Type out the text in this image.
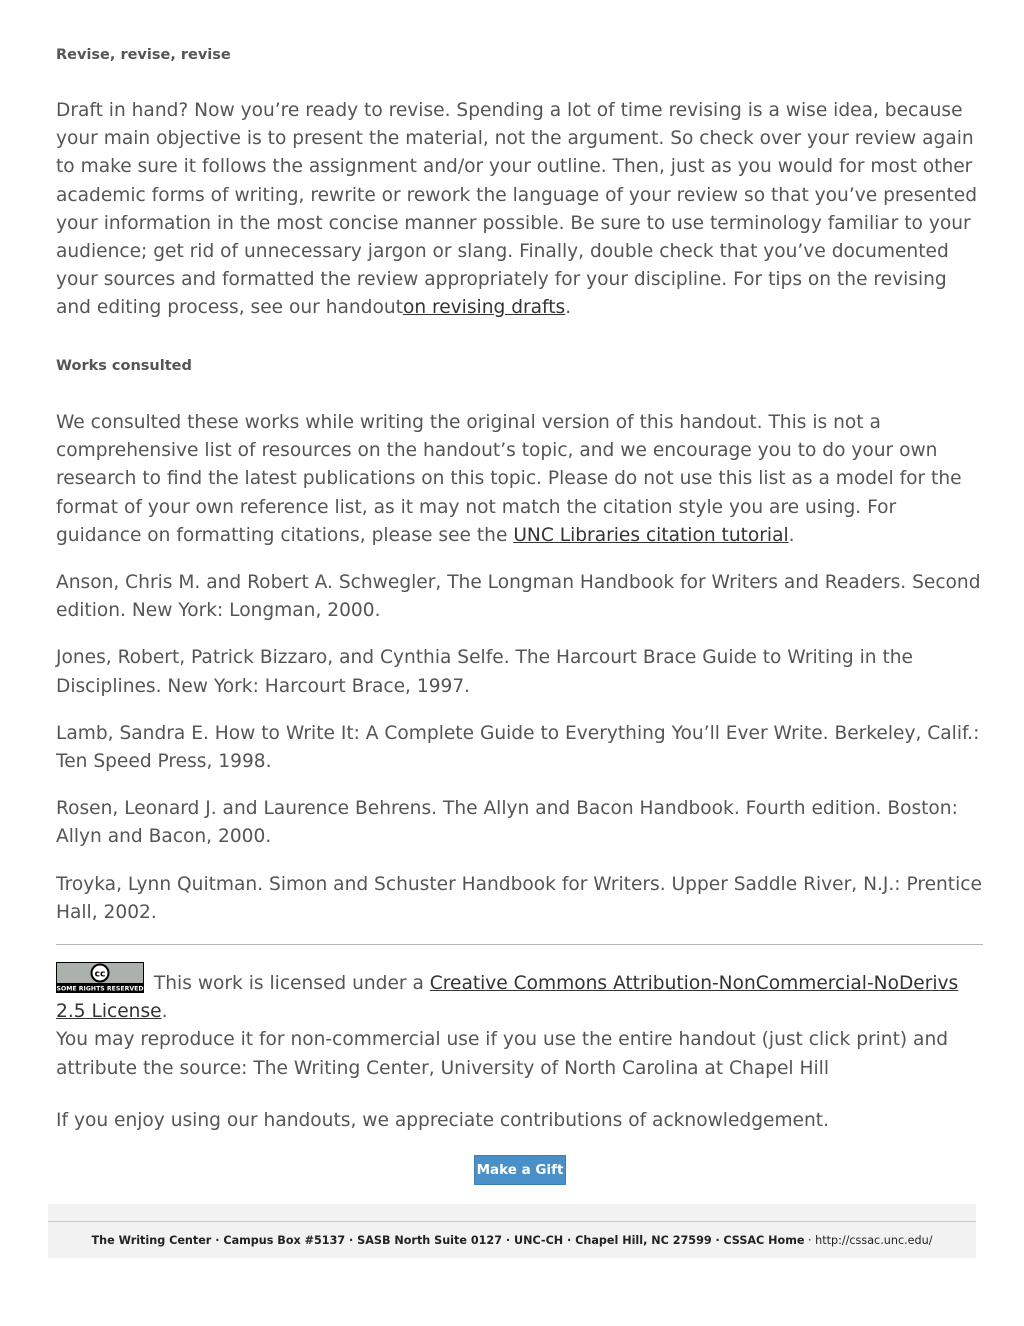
Revise, revise, revise

Draft in hand? Now you’re ready to revise. Spending a lot of time revising is a wise idea, because your main objective is to present the material, not the argument. So check over your review again to make sure it follows the assignment and/or your outline. Then, just as you would for most other academic forms of writing, rewrite or rework the language of your review so that you’ve presented your information in the most concise manner possible. Be sure to use terminology familiar to your audience; get rid of unnecessary jargon or slang. Finally, double check that you’ve documented your sources and formatted the review appropriately for your discipline. For tips on the revising and editing process, see our handouton revising drafts.

Works consulted

We consulted these works while writing the original version of this handout. This is not a comprehensive list of resources on the handout’s topic, and we encourage you to do your own research to find the latest publications on this topic. Please do not use this list as a model for the format of your own reference list, as it may not match the citation style you are using. For guidance on formatting citations, please see the UNC Libraries citation tutorial.

Anson, Chris M. and Robert A. Schwegler, The Longman Handbook for Writers and Readers. Second edition. New York: Longman, 2000.

Jones, Robert, Patrick Bizzaro, and Cynthia Selfe. The Harcourt Brace Guide to Writing in the Disciplines. New York: Harcourt Brace, 1997.

Lamb, Sandra E. How to Write It: A Complete Guide to Everything You’ll Ever Write. Berkeley, Calif.: Ten Speed Press, 1998.

Rosen, Leonard J. and Laurence Behrens. The Allyn and Bacon Handbook. Fourth edition. Boston: Allyn and Bacon, 2000.

Troyka, Lynn Quitman. Simon and Schuster Handbook for Writers. Upper Saddle River, N.J.: Prentice Hall, 2002.

cc
SOME RIGHTS RESERVED This work is licensed under a Creative Commons Attribution-NonCommercial-NoDerivs 2.5 License.
You may reproduce it for non-commercial use if you use the entire handout (just click print) and attribute the source: The Writing Center, University of North Carolina at Chapel Hill

If you enjoy using our handouts, we appreciate contributions of acknowledgement.

Make a Gift
The Writing Center · Campus Box #5137 · SASB North Suite 0127 · UNC-CH · Chapel Hill, NC 27599 · CSSAC Home · http://cssac.unc.edu/
